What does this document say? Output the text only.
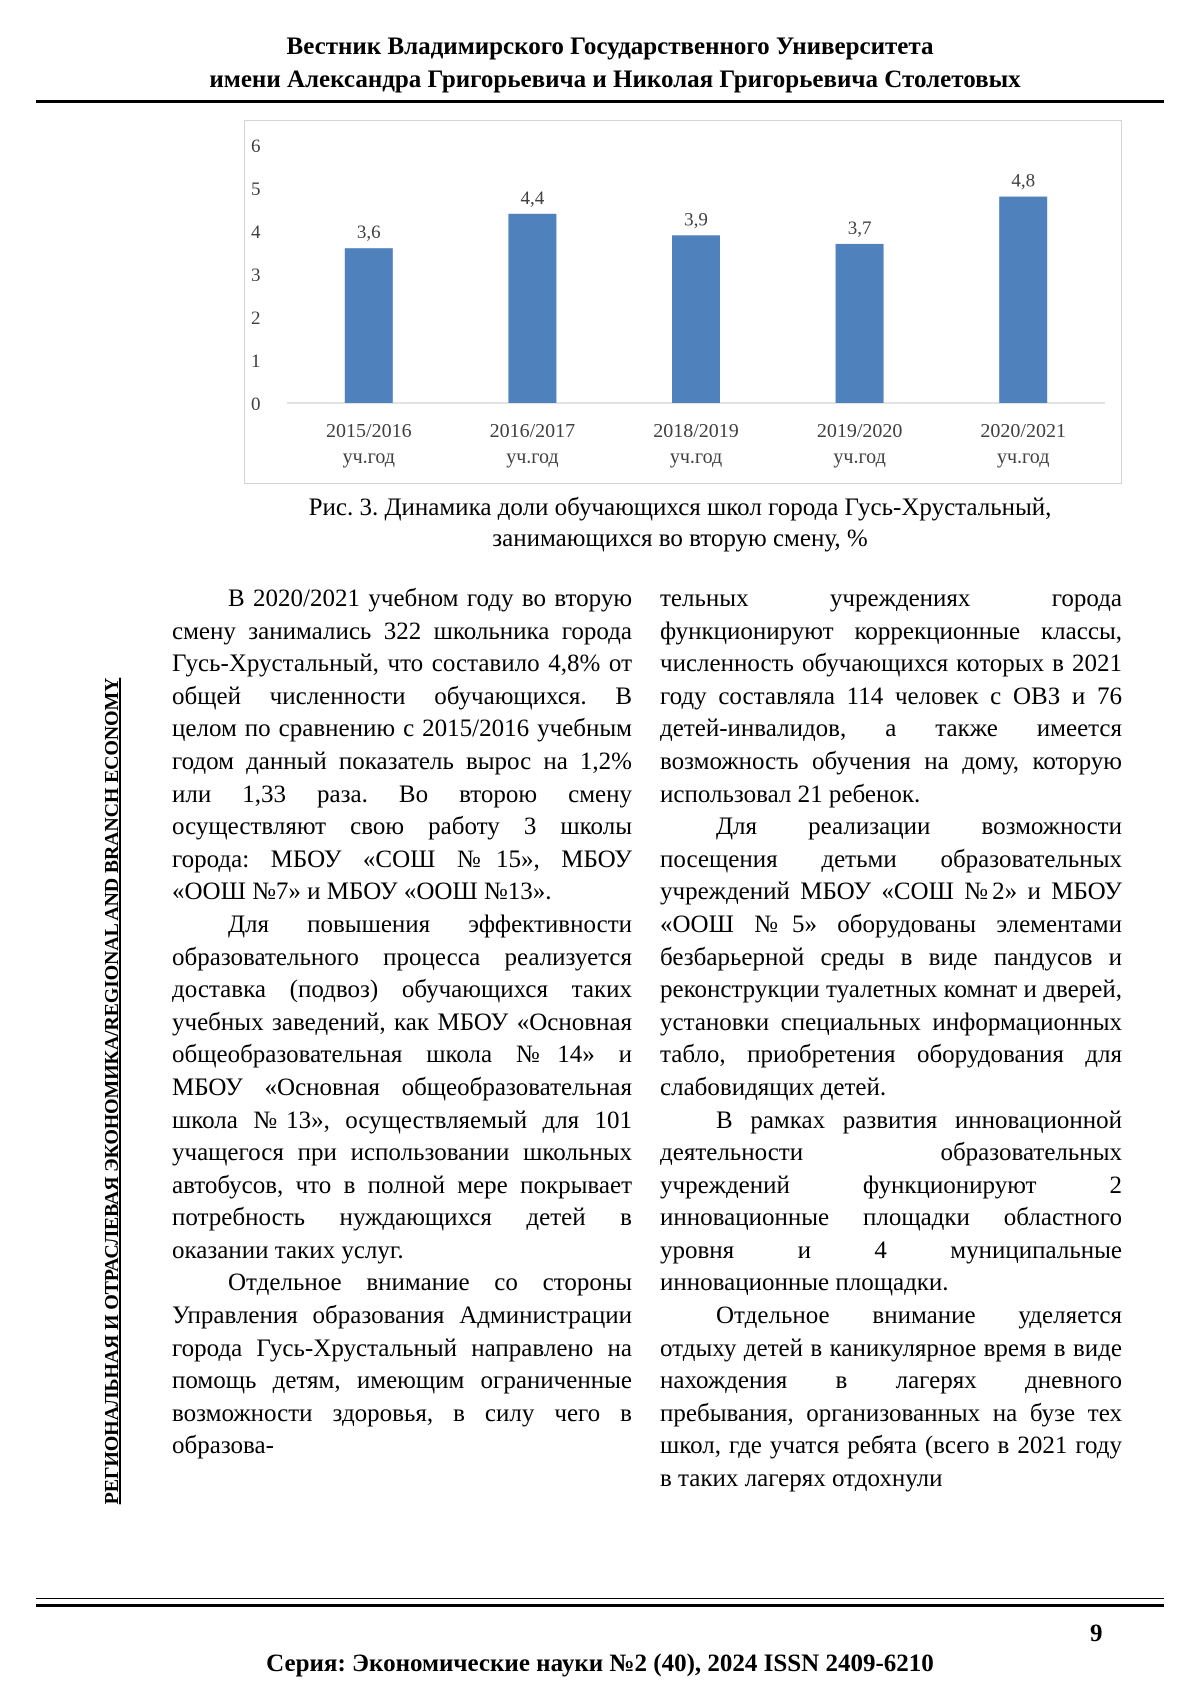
Вестник Владимирского Государственного Университета
имени Александра Григорьевича и Николая Григорьевича Столетовых
0
1
2
3
4
5
6
3,6
2015/2016
уч.год
4,4
2016/2017
уч.год
3,9
2018/2019
уч.год
3,7
2019/2020
уч.год
4,8
2020/2021
уч.год
Рис. 3. Динамика доли обучающихся школ города Гусь-Хрустальный,
занимающихся во вторую смену, %
РЕГИОНАЛЬНАЯ И ОТРАСЛЕВАЯ ЭКОНОМИКА/REGIONAL AND BRANCH ECONOMY

В 2020/2021 учебном году во вторую смену занимались 322 школьника города Гусь-Хрустальный, что составило 4,8% от общей численности обучающихся. В целом по сравнению с 2015/2016 учебным годом данный показатель вырос на 1,2% или 1,33 раза. Во второю смену осуществляют свою работу 3 школы города: МБОУ «СОШ №15», МБОУ «ООШ №7» и МБОУ «ООШ №13».

Для повышения эффективности образовательного процесса реализуется доставка (подвоз) обучающихся таких учебных заведений, как МБОУ «Основная общеобразовательная школа №14» и МБОУ «Основная общеобразовательная школа №13», осуществляемый для 101 учащегося при использовании школьных автобусов, что в полной мере покрывает потребность нуждающихся детей в оказании таких услуг.

Отдельное внимание со стороны Управления образования Администрации города Гусь-Хрустальный направлено на помощь детям, имеющим ограниченные возможности здоровья, в силу чего в образова-

тельных учреждениях города функционируют коррекционные классы, численность обучающихся которых в 2021 году составляла 114 человек с ОВЗ и 76 детей-инвалидов, а также имеется возможность обучения на дому, которую использовал 21 ребенок.

Для реализации возможности посещения детьми образовательных учреждений МБОУ «СОШ №2» и МБОУ «ООШ №5» оборудованы элементами безбарьерной среды в виде пандусов и реконструкции туалетных комнат и дверей, установки специальных информационных табло, приобретения оборудования для слабовидящих детей.

В рамках развития инновационной деятельности образовательных учреждений функционируют 2 инновационные площадки областного уровня и 4 муниципальные инновационные площадки.

Отдельное внимание уделяется отдыху детей в каникулярное время в виде нахождения в лагерях дневного пребывания, организованных на бузе тех школ, где учатся ребята (всего в 2021 году в таких лагерях отдохнули

9
Серия: Экономические науки №2 (40), 2024 ISSN 2409-6210
